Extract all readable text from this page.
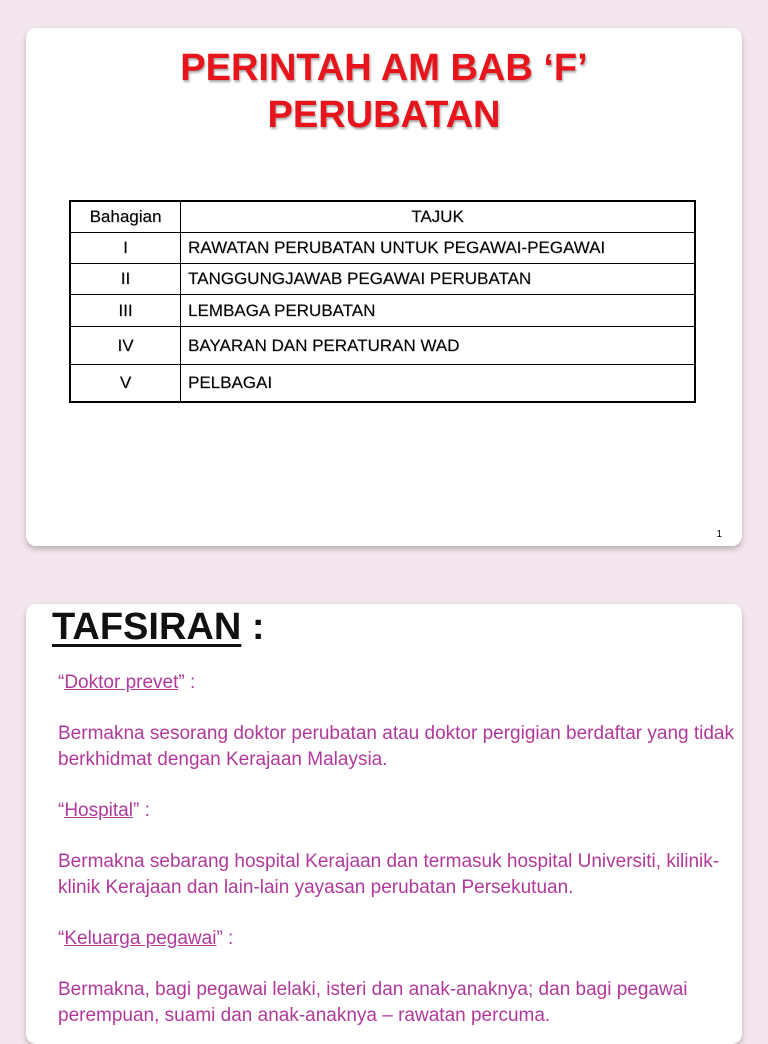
PERINTAH AM BAB ‘F’
PERUBATAN
Bahagian	TAJUK
I	RAWATAN PERUBATAN UNTUK PEGAWAI-PEGAWAI
II	TANGGUNGJAWAB PEGAWAI PERUBATAN
III	LEMBAGA PERUBATAN
IV	BAYARAN DAN PERATURAN WAD
V	PELBAGAI
1
TAFSIRAN :

“Doktor prevet” :

Bermakna sesorang doktor perubatan atau doktor pergigian berdaftar yang tidak berkhidmat dengan Kerajaan Malaysia.

“Hospital” :

Bermakna sebarang hospital Kerajaan dan termasuk hospital Universiti, kilinik-klinik Kerajaan dan lain-lain yayasan perubatan Persekutuan.

“Keluarga pegawai” :

Bermakna, bagi pegawai lelaki, isteri dan anak-anaknya; dan bagi pegawai perempuan, suami dan anak-anaknya – rawatan percuma.
